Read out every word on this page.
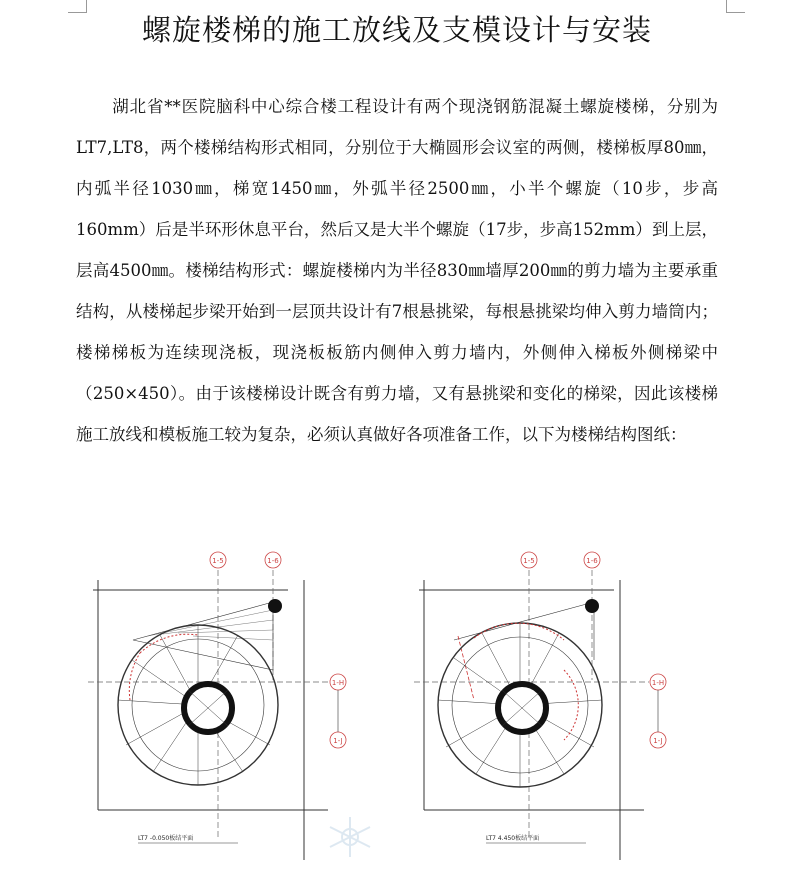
螺旋楼梯的施工放线及支模设计与安装

湖北省**医院脑科中心综合楼工程设计有两个现浇钢筋混凝土螺旋楼梯，分别为LT7,LT8，两个楼梯结构形式相同，分别位于大椭圆形会议室的两侧，楼梯板厚80㎜，内弧半径1030㎜，梯宽1450㎜，外弧半径2500㎜，小半个螺旋（10步，步高160mm）后是半环形休息平台，然后又是大半个螺旋（17步，步高152mm）到上层，层高4500㎜。楼梯结构形式：螺旋楼梯内为半径830㎜墙厚200㎜的剪力墙为主要承重结构，从楼梯起步梁开始到一层顶共设计有7根悬挑梁，每根悬挑梁均伸入剪力墙筒内；楼梯梯板为连续现浇板，现浇板板筋内侧伸入剪力墙内，外侧伸入梯板外侧梯梁中（250×450）。由于该楼梯设计既含有剪力墙，又有悬挑梁和变化的梯梁，因此该楼梯施工放线和模板施工较为复杂，必须认真做好各项准备工作，以下为楼梯结构图纸：

1-5	1-6
1-H
1-J
LT7 -0.050板结平面
1-5	1-6
1-H
1-J
LT7 4.450板结平面
